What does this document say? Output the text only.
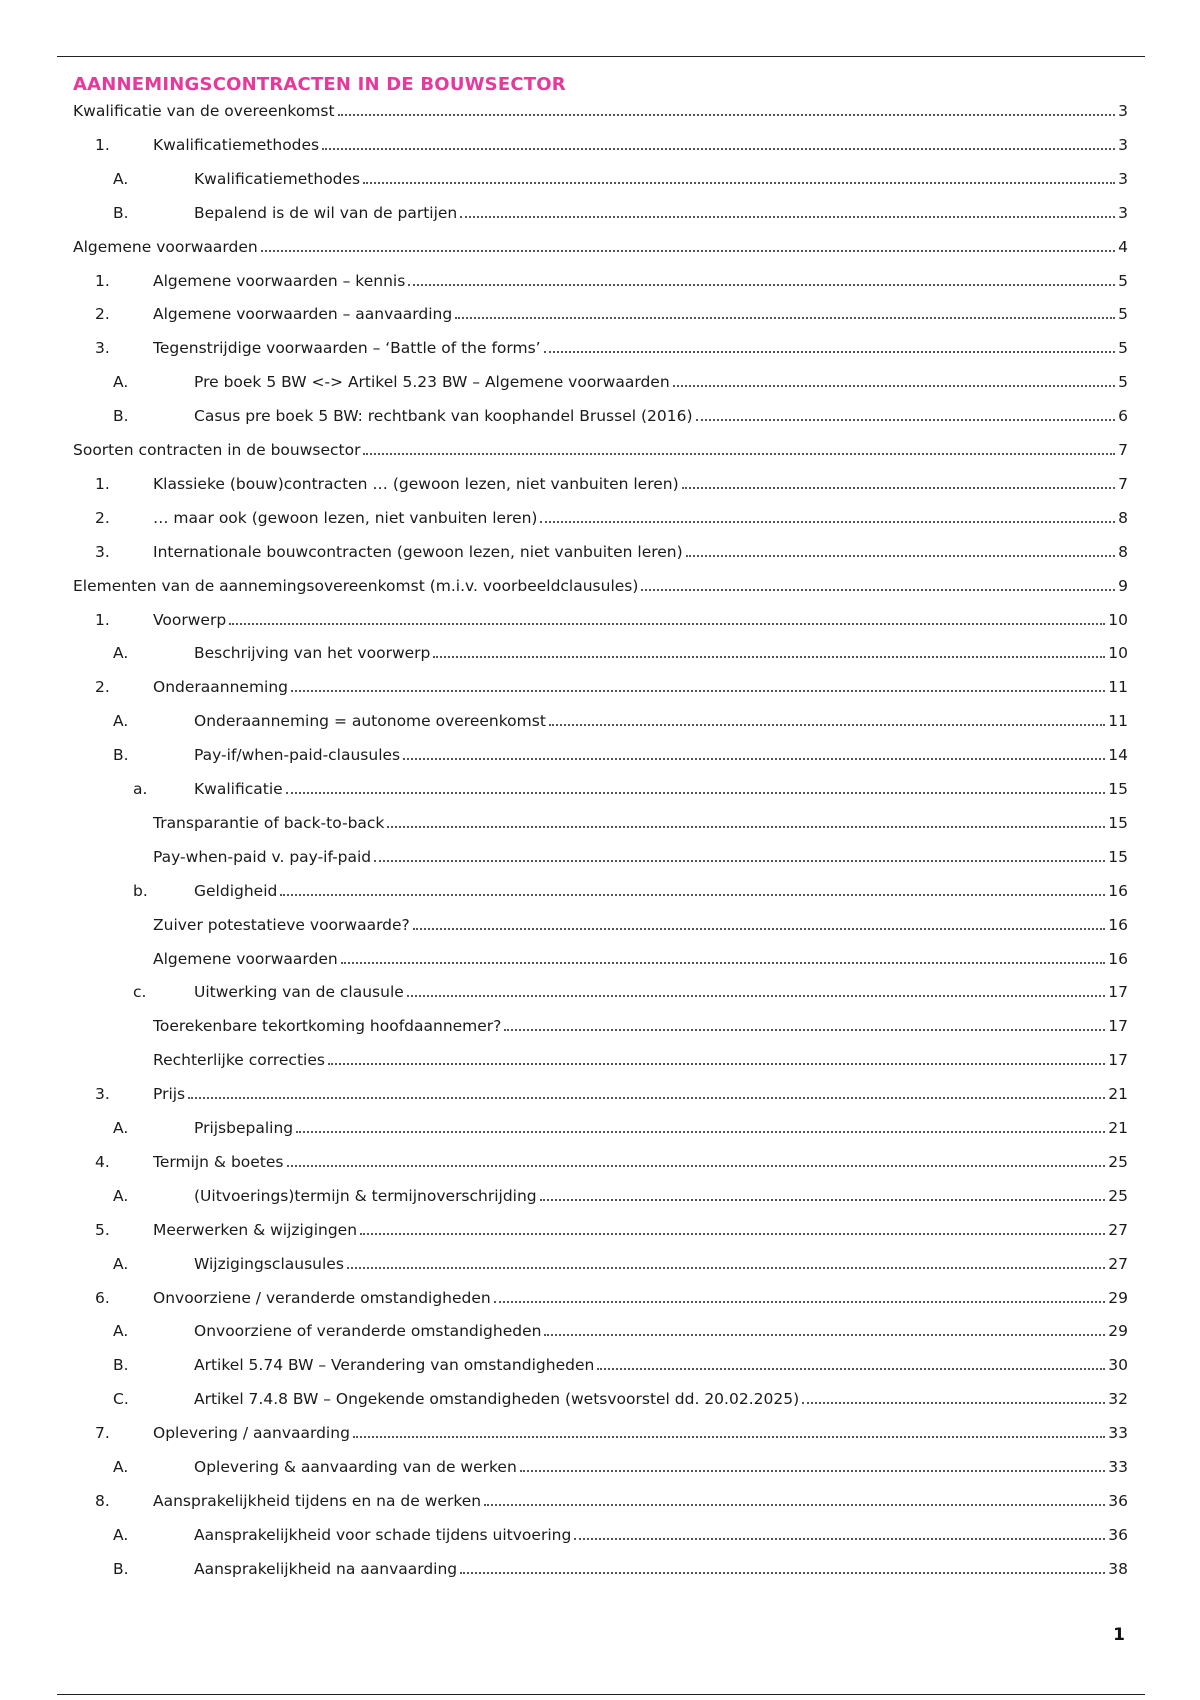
AANNEMINGSCONTRACTEN IN DE BOUWSECTOR
Kwalificatie van de overeenkomst	3
1.	Kwalificatiemethodes	3
A.	Kwalificatiemethodes	3
B.	Bepalend is de wil van de partijen	3
Algemene voorwaarden	4
1.	Algemene voorwaarden – kennis	5
2.	Algemene voorwaarden – aanvaarding	5
3.	Tegenstrijdige voorwaarden – ‘Battle of the forms’	5
A.	Pre boek 5 BW <-> Artikel 5.23 BW – Algemene voorwaarden	5
B.	Casus pre boek 5 BW: rechtbank van koophandel Brussel (2016)	6
Soorten contracten in de bouwsector	7
1.	Klassieke (bouw)contracten … (gewoon lezen, niet vanbuiten leren)	7
2.	… maar ook (gewoon lezen, niet vanbuiten leren)	8
3.	Internationale bouwcontracten (gewoon lezen, niet vanbuiten leren)	8
Elementen van de aannemingsovereenkomst (m.i.v. voorbeeldclausules)	9
1.	Voorwerp	10
A.	Beschrijving van het voorwerp	10
2.	Onderaanneming	11
A.	Onderaanneming = autonome overeenkomst	11
B.	Pay-if/when-paid-clausules	14
a.	Kwalificatie	15
Transparantie of back-to-back	15
Pay-when-paid v. pay-if-paid	15
b.	Geldigheid	16
Zuiver potestatieve voorwaarde?	16
Algemene voorwaarden	16
c.	Uitwerking van de clausule	17
Toerekenbare tekortkoming hoofdaannemer?	17
Rechterlijke correcties	17
3.	Prijs	21
A.	Prijsbepaling	21
4.	Termijn & boetes	25
A.	(Uitvoerings)termijn & termijnoverschrijding	25
5.	Meerwerken & wijzigingen	27
A.	Wijzigingsclausules	27
6.	Onvoorziene / veranderde omstandigheden	29
A.	Onvoorziene of veranderde omstandigheden	29
B.	Artikel 5.74 BW – Verandering van omstandigheden	30
C.	Artikel 7.4.8 BW – Ongekende omstandigheden (wetsvoorstel dd. 20.02.2025)	32
7.	Oplevering / aanvaarding	33
A.	Oplevering & aanvaarding van de werken	33
8.	Aansprakelijkheid tijdens en na de werken	36
A.	Aansprakelijkheid voor schade tijdens uitvoering	36
B.	Aansprakelijkheid na aanvaarding	38
1
